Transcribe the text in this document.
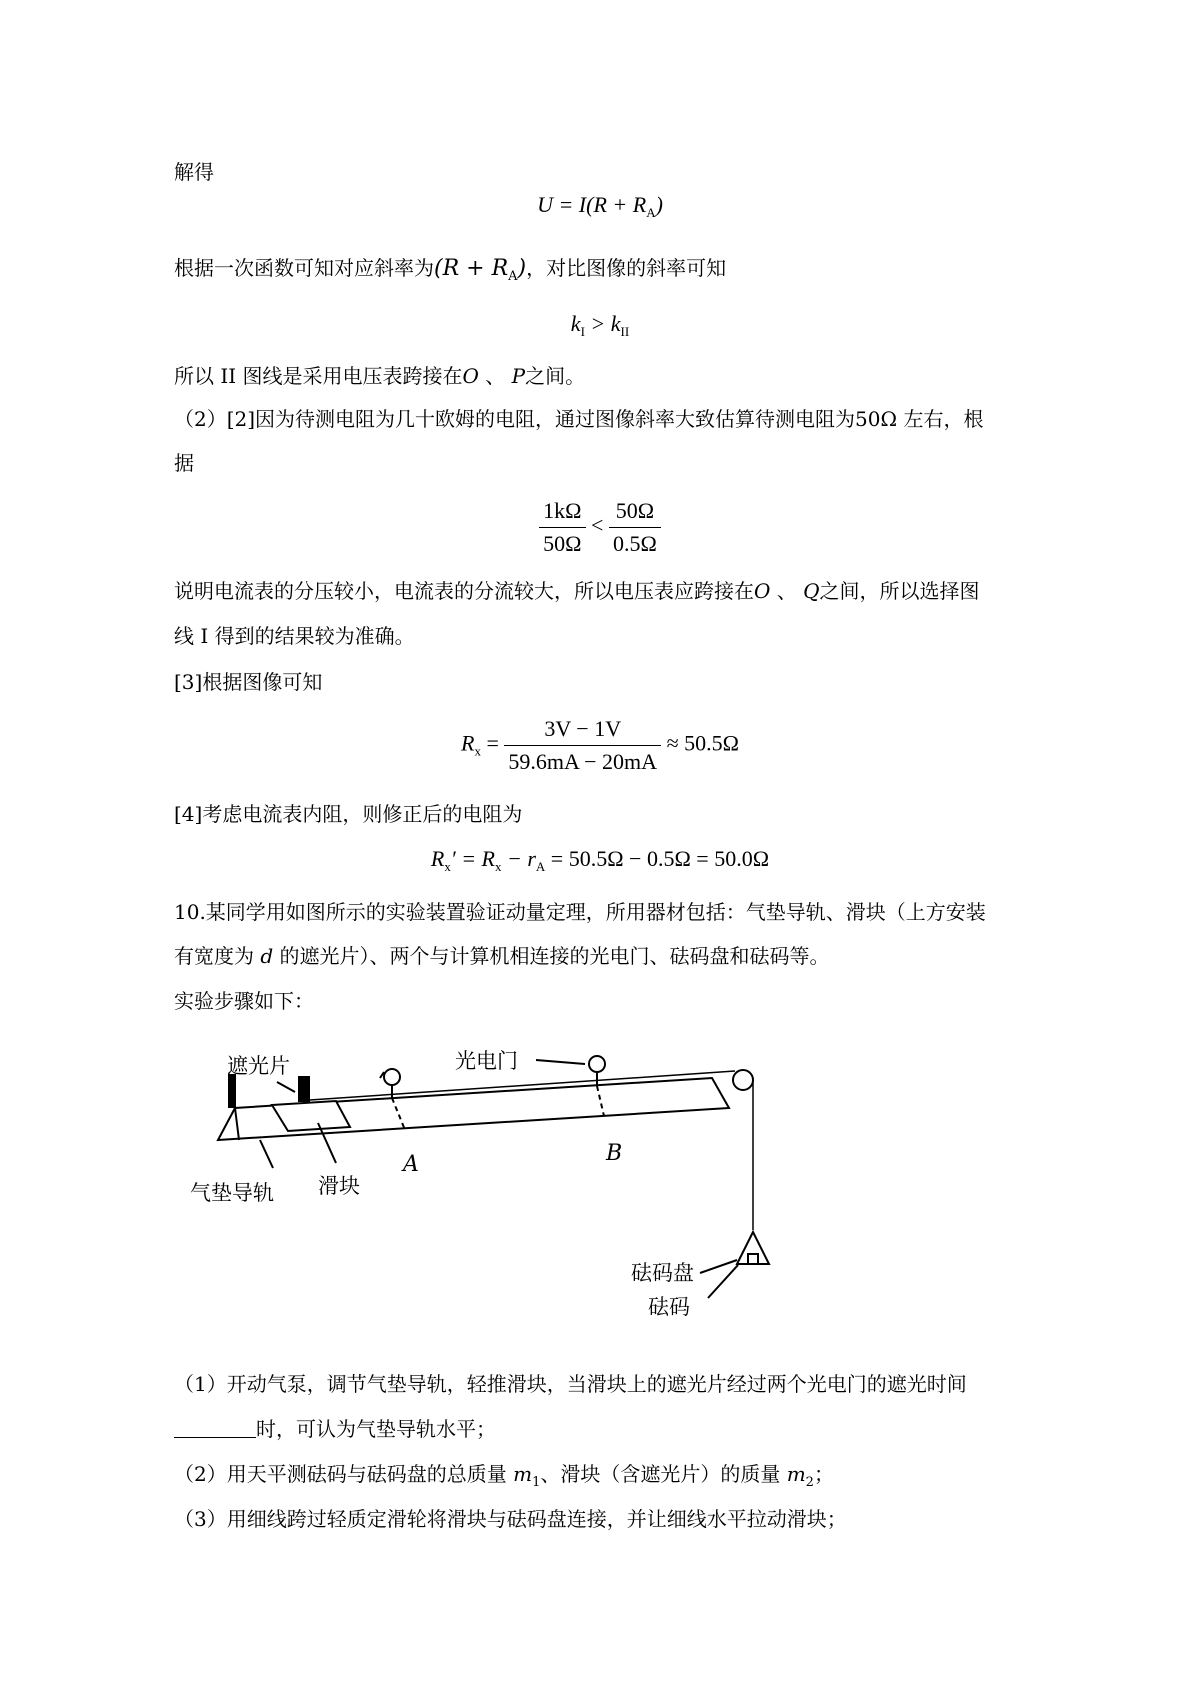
解得
$U = I(R + R_A)$
根据一次函数可知对应斜率为$(R + R_A)$，对比图像的斜率可知
$k_I > k_{II}$
所以 II 图线是采用电压表跨接在O 、 P之间。
（2）[2]因为待测电阻为几十欧姆的电阻，通过图像斜率大致估算待测电阻为50Ω 左右，根
据
$\frac{1k\Omega}{50\Omega} < \frac{50\Omega}{0.5\Omega}$
说明电流表的分压较小，电流表的分流较大，所以电压表应跨接在O 、 Q之间，所以选择图
线 I 得到的结果较为准确。
[3]根据图像可知
$R_x = \frac{3V - 1V}{59.6mA - 20mA} \approx 50.5\Omega$
[4]考虑电流表内阻，则修正后的电阻为
$R_x' = R_x - r_A = 50.5\Omega - 0.5\Omega = 50.0\Omega$
10.某同学用如图所示的实验装置验证动量定理，所用器材包括：气垫导轨、滑块（上方安装
有宽度为 d 的遮光片）、两个与计算机相连接的光电门、砝码盘和砝码等。
实验步骤如下：
遮光片	光电门
气垫导轨 滑块
A	B
砝码盘
砝码
（1）开动气泵，调节气垫导轨，轻推滑块，当滑块上的遮光片经过两个光电门的遮光时间
时，可认为气垫导轨水平；
（2）用天平测砝码与砝码盘的总质量 $m_1$、滑块（含遮光片）的质量 $m_2$；
（3）用细线跨过轻质定滑轮将滑块与砝码盘连接，并让细线水平拉动滑块；
